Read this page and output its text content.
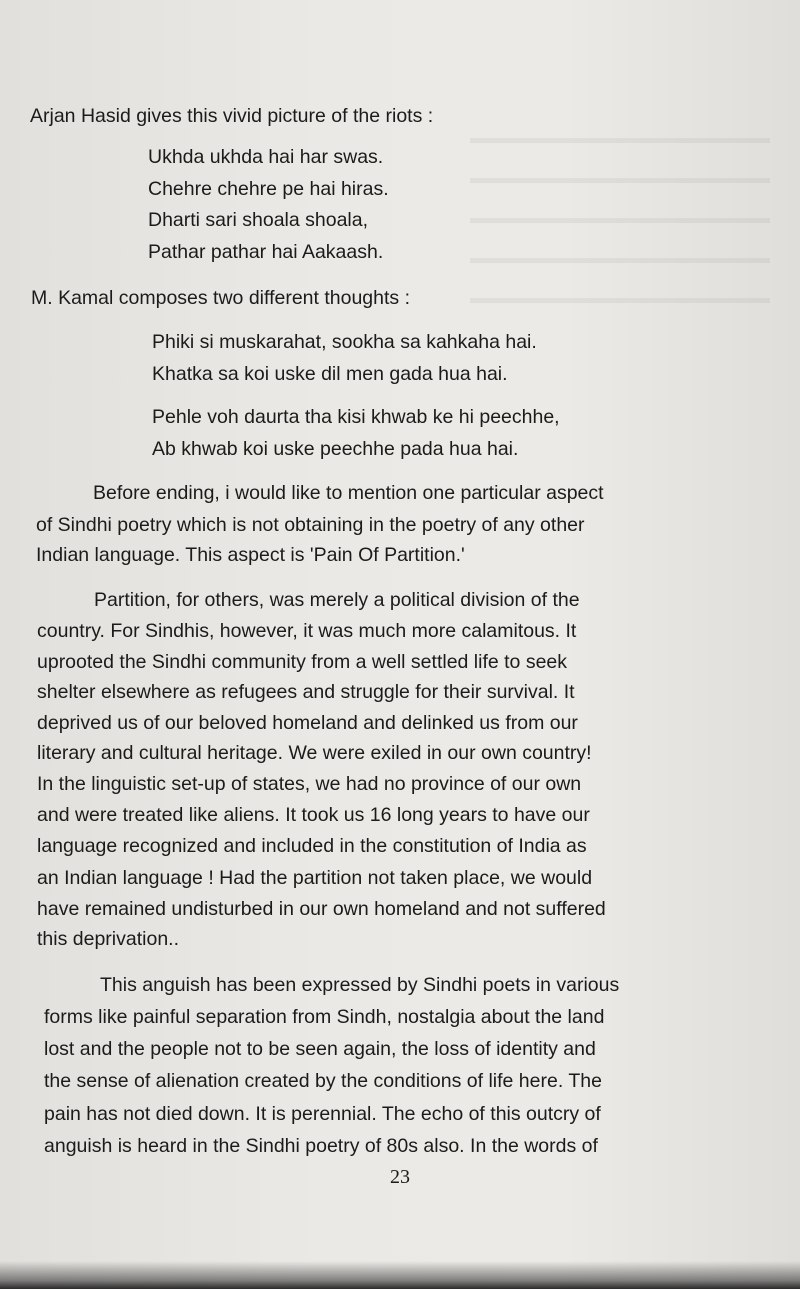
Arjan Hasid gives this vivid picture of the riots :

Ukhda ukhda hai har swas.

Chehre chehre pe hai hiras.

Dharti sari shoala shoala,

Pathar pathar hai Aakaash.

M. Kamal composes two different thoughts :

Phiki si muskarahat, sookha sa kahkaha hai.

Khatka sa koi uske dil men gada hua hai.

Pehle voh daurta tha kisi khwab ke hi peechhe,

Ab khwab koi uske peechhe pada hua hai.

Before ending, i would like to mention one particular aspect

of Sindhi poetry which is not obtaining in the poetry of any other

Indian language. This aspect is 'Pain Of Partition.'

Partition, for others, was merely a political division of the

country. For Sindhis, however, it was much more calamitous. It

uprooted the Sindhi community from a well settled life to seek

shelter elsewhere as refugees and struggle for their survival. It

deprived us of our beloved homeland and delinked us from our

literary and cultural heritage. We were exiled in our own country!

In the linguistic set-up of states, we had no province of our own

and were treated like aliens. It took us 16 long years to have our

language recognized and included in the constitution of India as

an Indian language ! Had the partition not taken place, we would

have remained undisturbed in our own homeland and not suffered

this deprivation..

This anguish has been expressed by Sindhi poets in various

forms like painful separation from Sindh, nostalgia about the land

lost and the people not to be seen again, the loss of identity and

the sense of alienation created by the conditions of life here. The

pain has not died down. It is perennial. The echo of this outcry of

anguish is heard in the Sindhi poetry of 80s also. In the words of

23
